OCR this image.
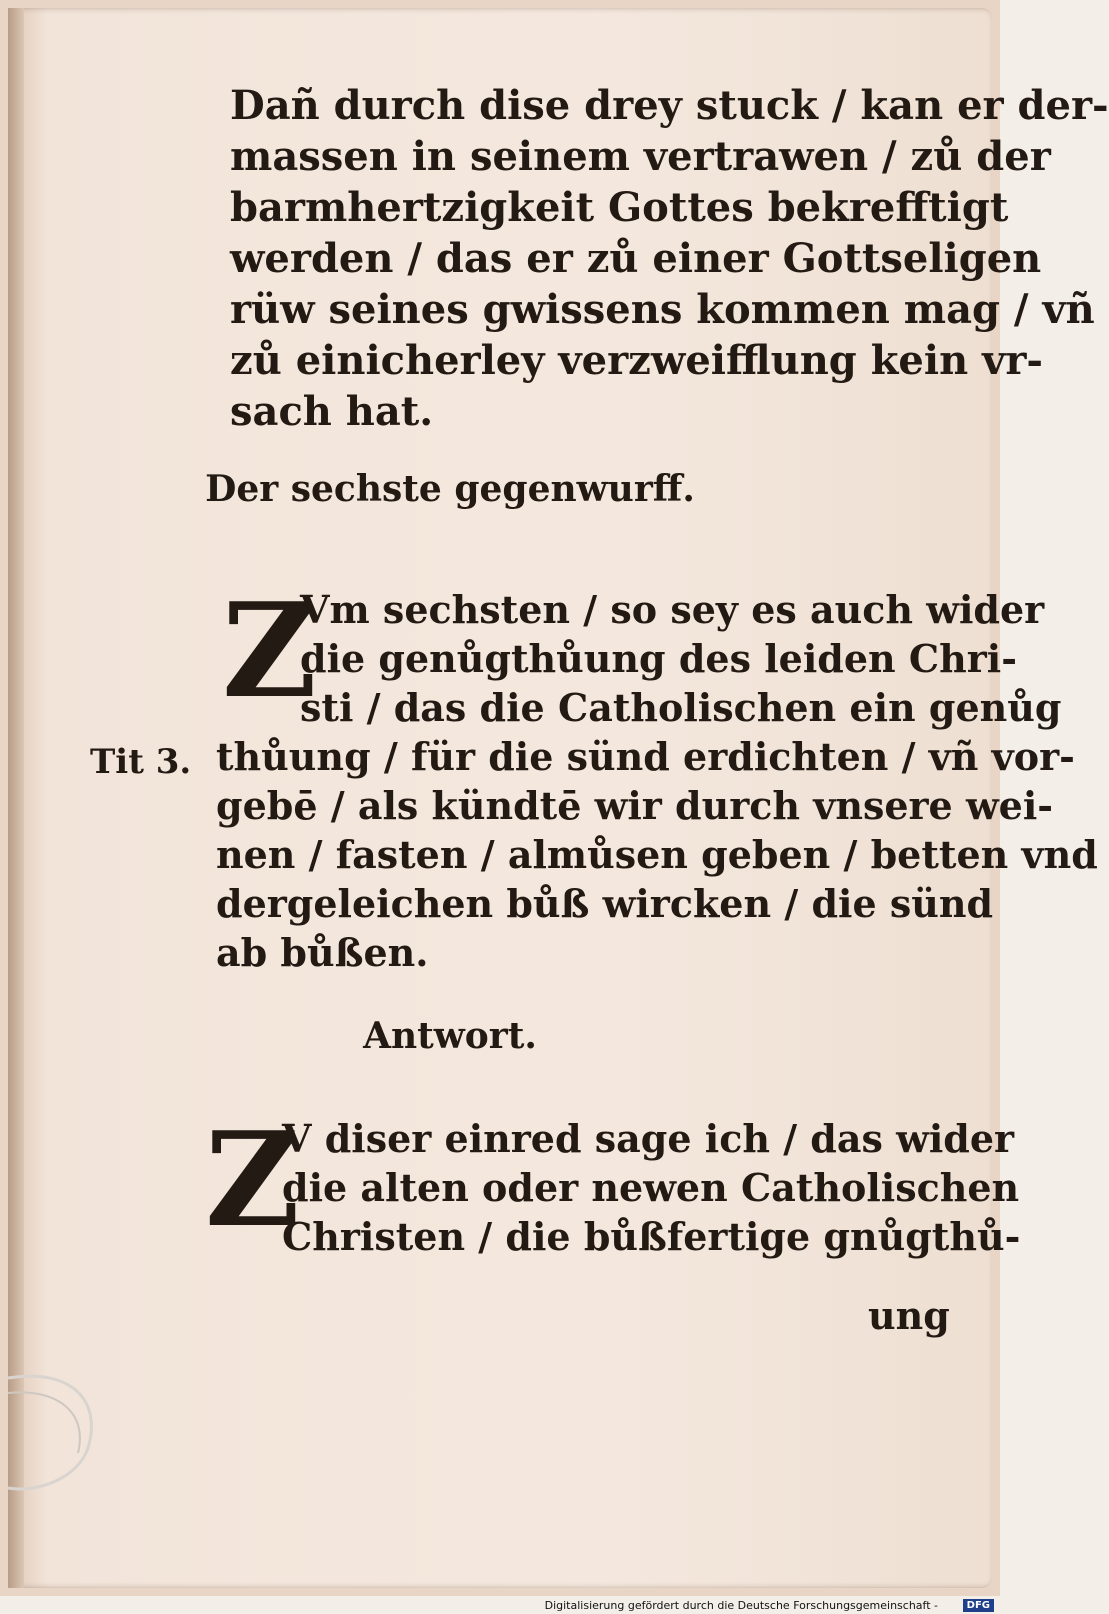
Dañ durch dise drey stuck / kan er der-

massen in seinem vertrawen / zů der

barmhertzigkeit Gottes bekrefftigt

werden / das er zů einer Gottseligen

rüw seines gwissens kommen mag / vñ

zů einicherley verzweifflung kein vr-

sach hat.

Der sechste gegenwurff.
Z

Vm sechsten / so sey es auch wider

die genůgthůung des leiden Chri-

sti / das die Catholischen ein genůg

thůung / für die sünd erdichten / vñ vor-

gebē / als kündtē wir durch vnsere wei-

nen / fasten / almůsen geben / betten vnd

dergeleichen bůß wircken / die sünd

ab bůßen.

Tit 3.
Antwort.
Z

V diser einred sage ich / das wider

die alten oder newen Catholischen

Christen / die bůßfertige gnůgthů-

ung
Digitalisierung gefördert durch die Deutsche Forschungsgemeinschaft -	DFG
